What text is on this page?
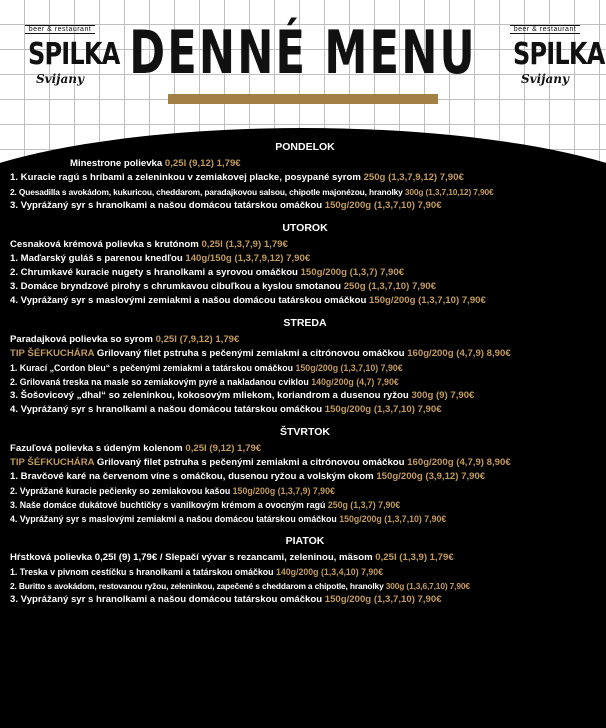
DENNÉ MENU
beer & restaurant
SPILKA
Svijany
beer & restaurant
SPILKA
Svijany
PONDELOK
Minestrone polievka 0,25l (9,12) 1,79€
1. Kuracie ragú s hríbami a zeleninkou v zemiakovej placke, posypané syrom 250g (1,3,7,9,12) 7,90€
2. Quesadilla s avokádom, kukuricou, cheddarom, paradajkovou salsou, chipotle majonézou, hranolky 300g (1,3,7,10,12) 7,90€
3. Vyprážaný syr s hranolkami a našou domácou tatárskou omáčkou 150g/200g (1,3,7,10) 7,90€
UTOROK
Cesnaková krémová polievka s krutónom 0,25l (1,3,7,9) 1,79€
1. Maďarský guláš s parenou knedľou 140g/150g (1,3,7,9,12) 7,90€
2. Chrumkavé kuracie nugety s hranolkami a syrovou omáčkou 150g/200g (1,3,7) 7,90€
3. Domáce bryndzové pirohy s chrumkavou cibuľkou a kyslou smotanou 250g (1,3,7,10) 7,90€
4. Vyprážaný syr s maslovými zemiakmi a našou domácou tatárskou omáčkou 150g/200g (1,3,7,10) 7,90€
STREDA
Paradajková polievka so syrom 0,25l (7,9,12) 1,79€
TIP ŠÉFKUCHÁRA Grilovaný filet pstruha s pečenými zemiakmi a citrónovou omáčkou 160g/200g (4,7,9) 8,90€
1. Kurací „Cordon bleu“ s pečenými zemiakmi a tatárskou omáčkou 150g/200g (1,3,7,10) 7,90€
2. Grilovaná treska na masle so zemiakovým pyré a nakladanou cviklou 140g/200g (4,7) 7,90€
3. Šošovicový „dhal“ so zeleninkou, kokosovým mliekom, koriandrom a dusenou ryžou 300g (9) 7,90€
4. Vyprážaný syr s hranolkami a našou domácou tatárskou omáčkou 150g/200g (1,3,7,10) 7,90€
ŠTVRTOK
Fazuľová polievka s údeným kolenom 0,25l (9,12) 1,79€
TIP ŠÉFKUCHÁRA Grilovaný filet pstruha s pečenými zemiakmi a citrónovou omáčkou 160g/200g (4,7,9) 8,90€
1. Bravčové karé na červenom víne s omáčkou, dusenou ryžou a volským okom 150g/200g (3,9,12) 7,90€
2. Vyprážané kuracie pečienky so zemiakovou kašou 150g/200g (1,3,7,9) 7,90€
3. Naše domáce dukátové buchtičky s vanilkovým krémom a ovocným ragú 250g (1,3,7) 7,90€
4. Vyprážaný syr s maslovými zemiakmi a našou domácou tatárskou omáčkou 150g/200g (1,3,7,10) 7,90€
PIATOK
Hŕstková polievka 0,25l (9) 1,79€ / Slepačí vývar s rezancami, zeleninou, mäsom 0,25l (1,3,9) 1,79€
1. Treska v pivnom cestíčku s hranolkami a tatárskou omáčkou 140g/200g (1,3,4,10) 7,90€
2. Buritto s avokádom, restovanou ryžou, zeleninkou, zapečené s cheddarom a chipotle, hranolky 300g (1,3,6,7,10) 7,90€
3. Vyprážaný syr s hranolkami a našou domácou tatárskou omáčkou 150g/200g (1,3,7,10) 7,90€
